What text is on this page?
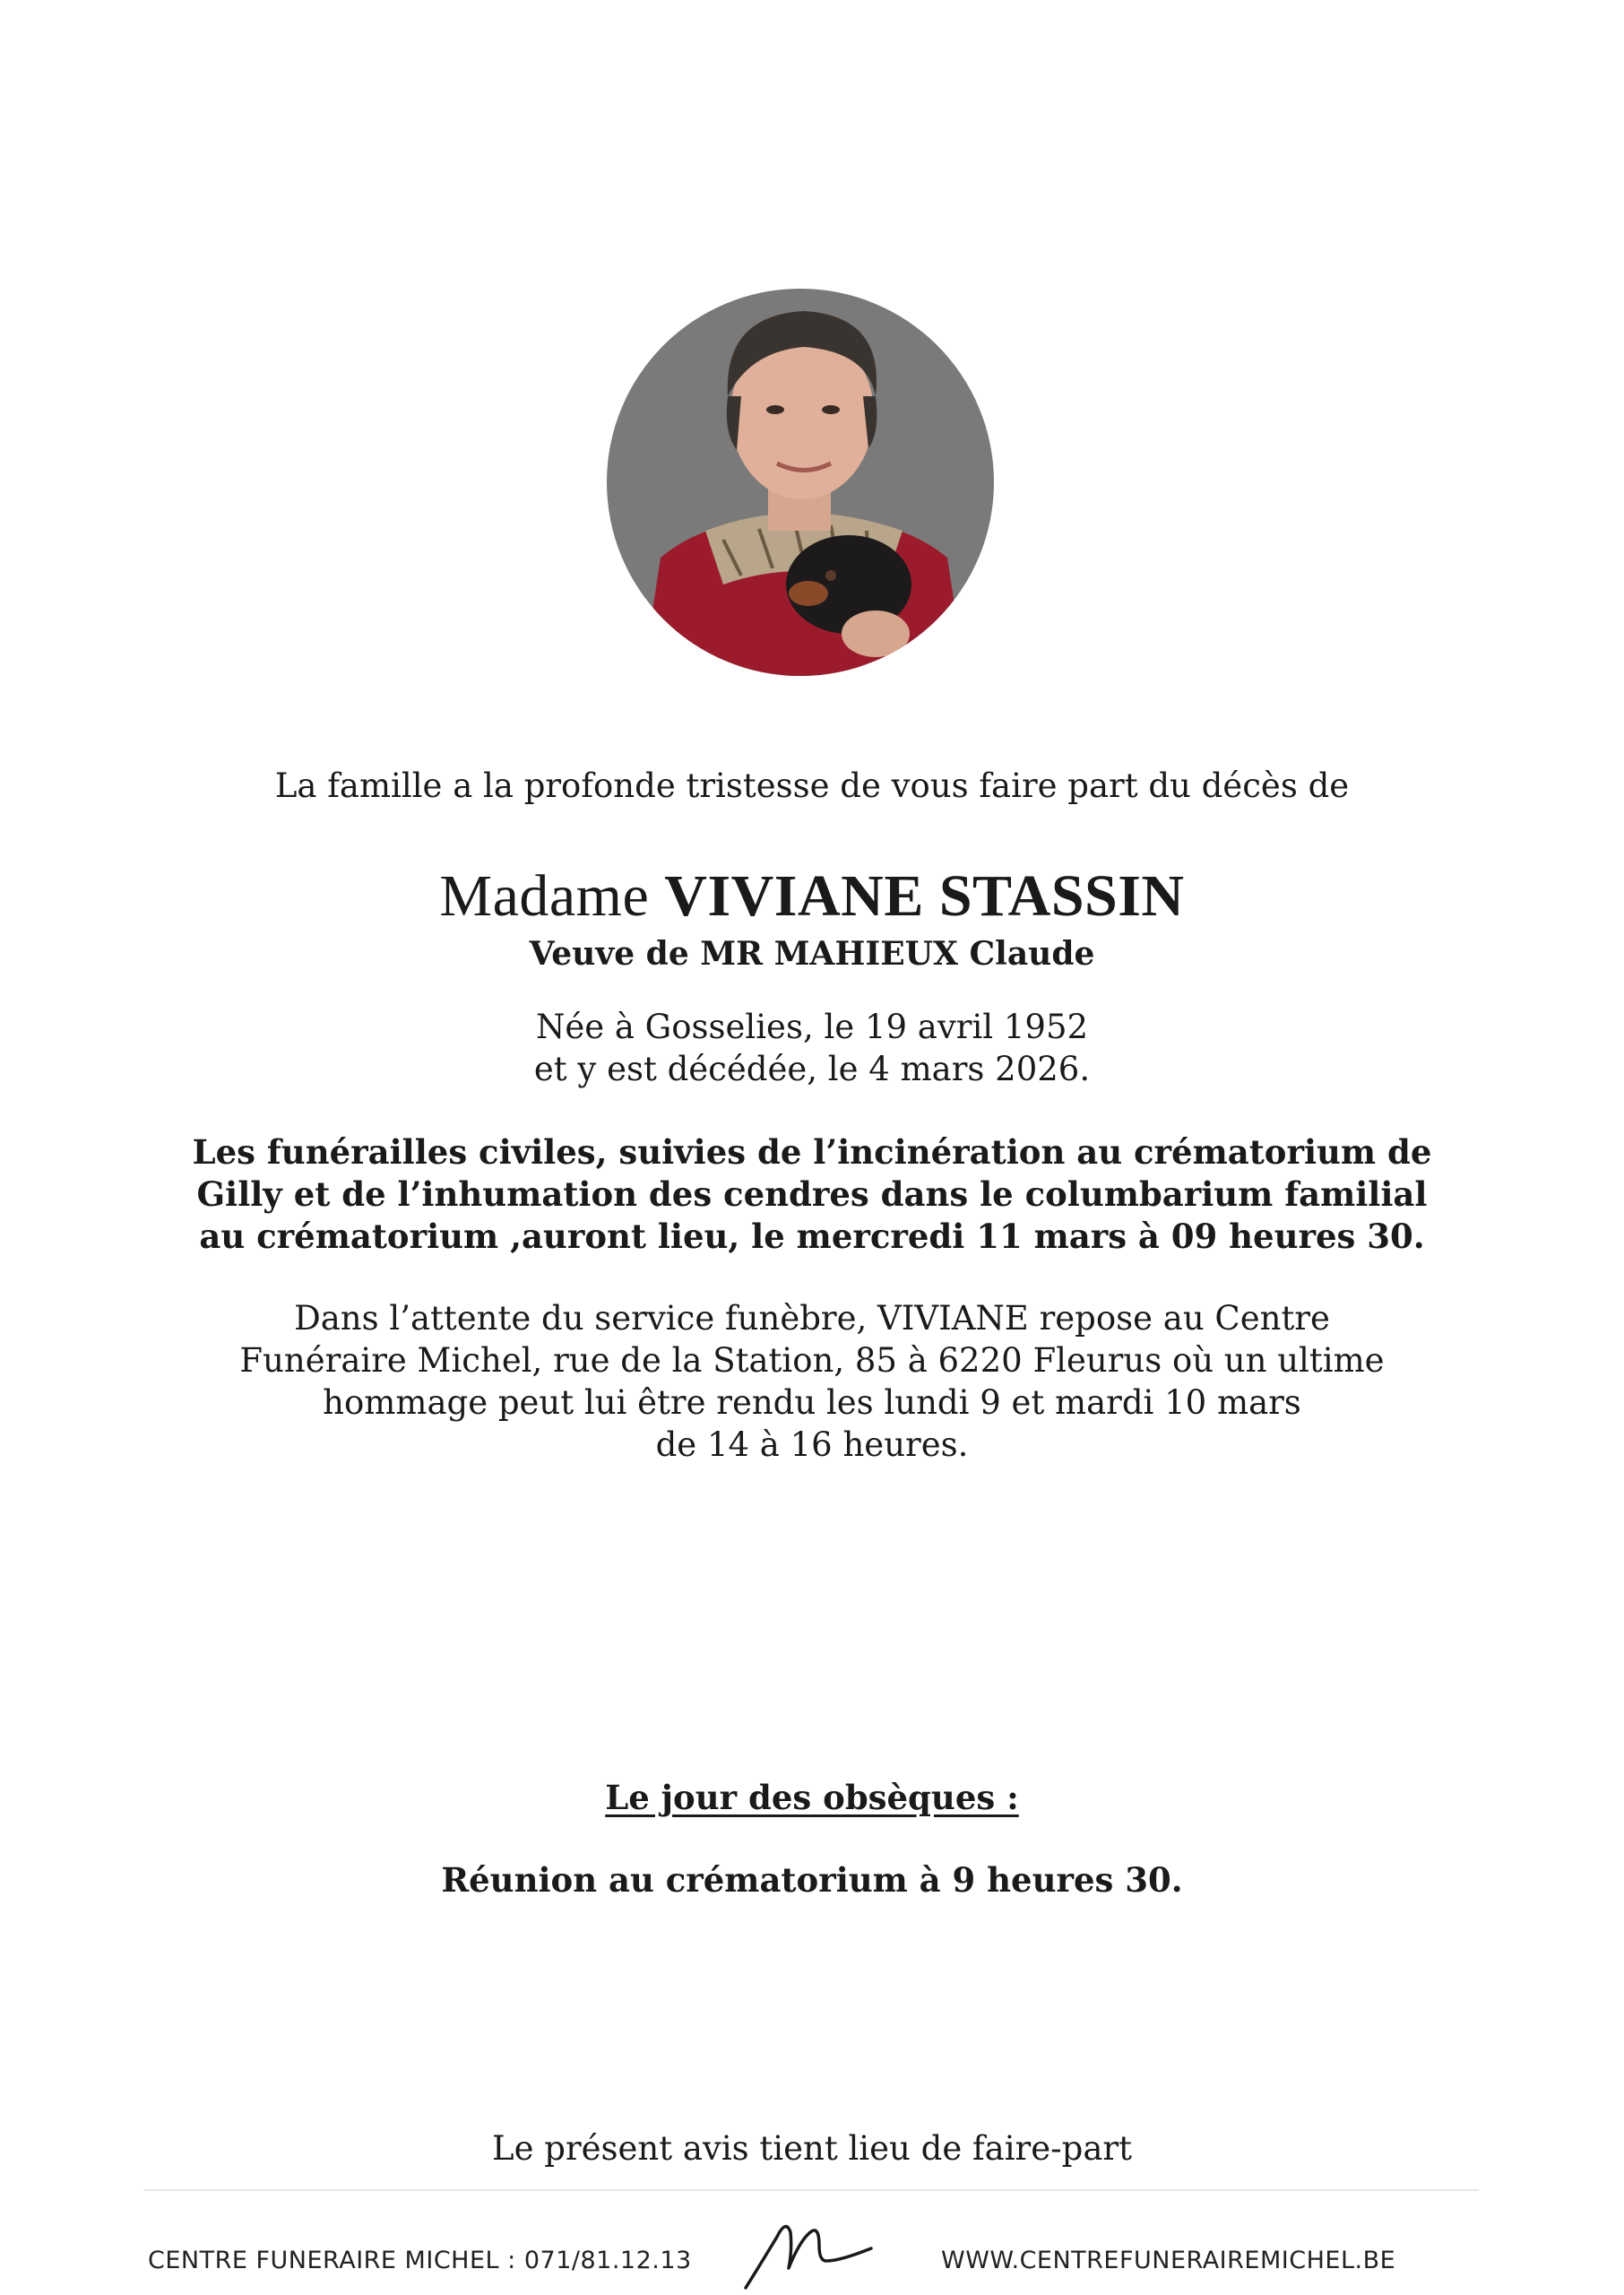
La famille a la profonde tristesse de vous faire part du décès de
Madame VIVIANE STASSIN
Veuve de MR MAHIEUX Claude
Née à Gosselies, le 19 avril 1952
et y est décédée, le 4 mars 2026.
Les funérailles civiles, suivies de l’incinération au crématorium de
Gilly et de l’inhumation des cendres dans le columbarium familial
au crématorium ,auront lieu, le mercredi 11 mars à 09 heures 30.
Dans l’attente du service funèbre, VIVIANE repose au Centre
Funéraire Michel, rue de la Station, 85 à 6220 Fleurus où un ultime
hommage peut lui être rendu les lundi 9 et mardi 10 mars
de 14 à 16 heures.
Le jour des obsèques :
Réunion au crématorium à 9 heures 30.
Le présent avis tient lieu de faire-part
CENTRE FUNERAIRE MICHEL : 071/81.12.13	WWW.CENTREFUNERAIREMICHEL.BE
